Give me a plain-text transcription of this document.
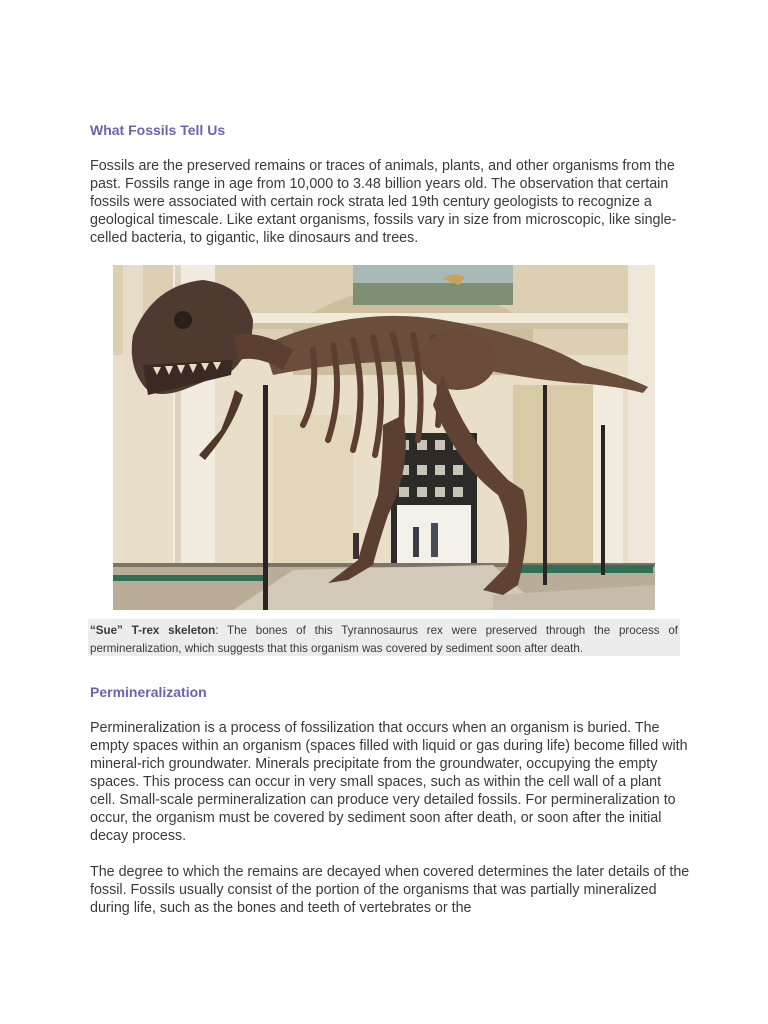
What Fossils Tell Us

Fossils are the preserved remains or traces of animals, plants, and other organisms from the past. Fossils range in age from 10,000 to 3.48 billion years old. The observation that certain fossils were associated with certain rock strata led 19th century geologists to recognize a geological timescale. Like extant organisms, fossils vary in size from microscopic, like single-celled bacteria, to gigantic, like dinosaurs and trees.

“Sue” T-rex skeleton: The bones of this Tyrannosaurus rex were preserved through the process of permineralization, which suggests that this organism was covered by sediment soon after death.
Permineralization

Permineralization is a process of fossilization that occurs when an organism is buried. The empty spaces within an organism (spaces filled with liquid or gas during life) become filled with mineral-rich groundwater. Minerals precipitate from the groundwater, occupying the empty spaces. This process can occur in very small spaces, such as within the cell wall of a plant cell. Small-scale permineralization can produce very detailed fossils. For permineralization to occur, the organism must be covered by sediment soon after death, or soon after the initial decay process.

The degree to which the remains are decayed when covered determines the later details of the fossil. Fossils usually consist of the portion of the organisms that was partially mineralized during life, such as the bones and teeth of vertebrates or the
